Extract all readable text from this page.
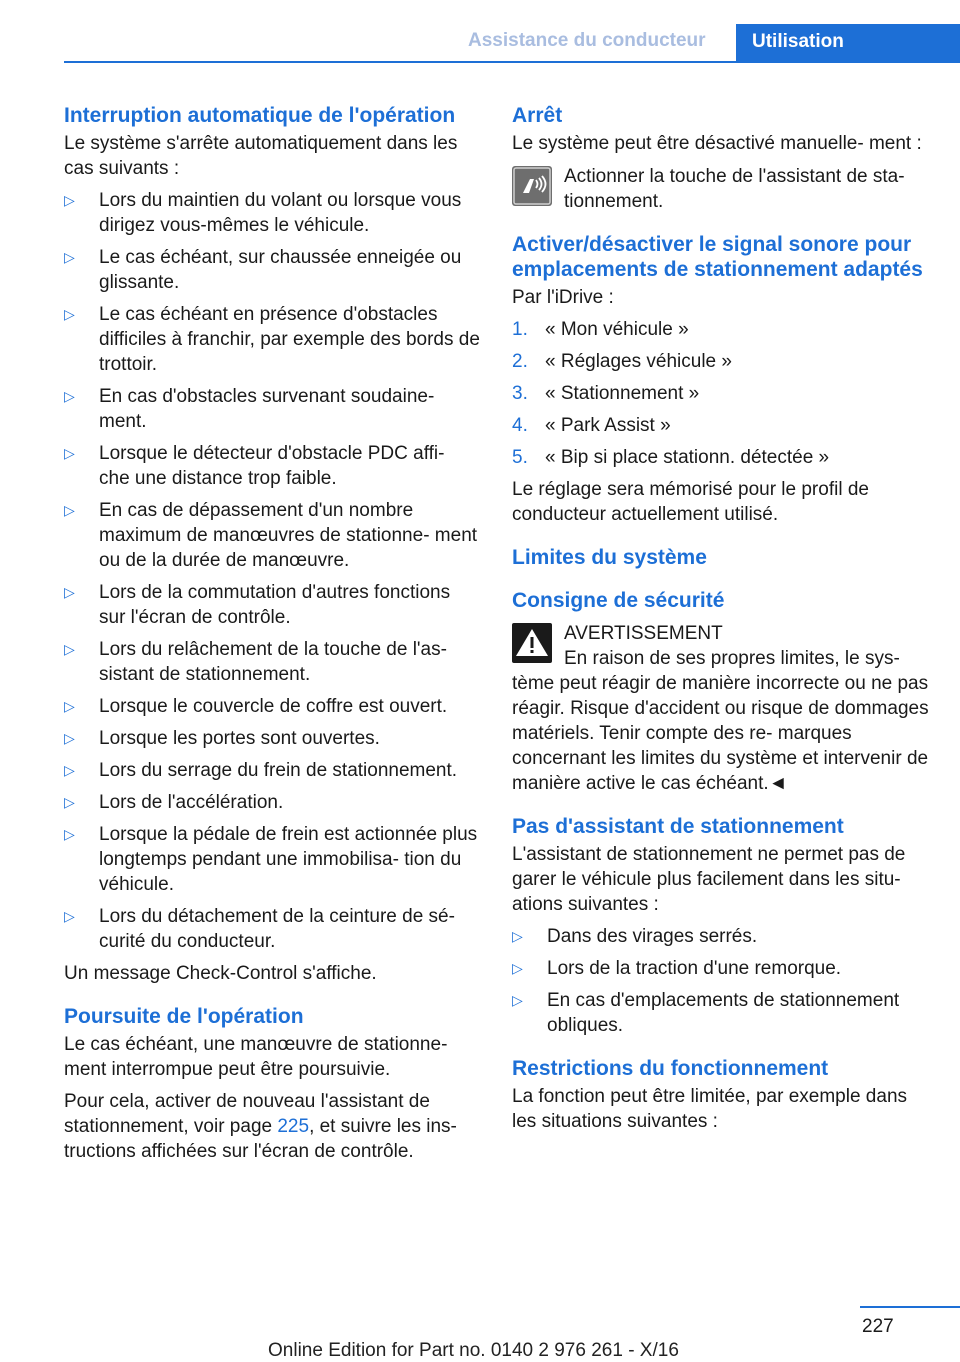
Assistance du conducteur	Utilisation
Interruption automatique de l'opération

Le système s'arrête automatiquement dans les cas suivants :

▷	Lors du maintien du volant ou lorsque vous dirigez vous-mêmes le véhicule.
▷	Le cas échéant, sur chaussée enneigée ou glissante.
▷	Le cas échéant en présence d'obstacles difficiles à franchir, par exemple des bords de trottoir.
▷	En cas d'obstacles survenant soudaine‐ ment.
▷	Lorsque le détecteur d'obstacle PDC affi‐ che une distance trop faible.
▷	En cas de dépassement d'un nombre maximum de manœuvres de stationne‐ ment ou de la durée de manœuvre.
▷	Lors de la commutation d'autres fonctions sur l'écran de contrôle.
▷	Lors du relâchement de la touche de l'as‐ sistant de stationnement.
▷	Lorsque le couvercle de coffre est ouvert.
▷	Lorsque les portes sont ouvertes.
▷	Lors du serrage du frein de stationnement.
▷	Lors de l'accélération.
▷	Lorsque la pédale de frein est actionnée plus longtemps pendant une immobilisa‐ tion du véhicule.
▷	Lors du détachement de la ceinture de sé‐ curité du conducteur.

Un message Check-Control s'affiche.

Poursuite de l'opération

Le cas échéant, une manœuvre de stationne‐ ment interrompue peut être poursuivie.

Pour cela, activer de nouveau l'assistant de stationnement, voir page 225, et suivre les ins‐ tructions affichées sur l'écran de contrôle.

Arrêt

Le système peut être désactivé manuelle‐ ment :

Actionner la touche de l'assistant de sta‐ tionnement.
Activer/désactiver le signal sonore pour emplacements de stationnement adaptés

Par l'iDrive :

1. « Mon véhicule »
2. « Réglages véhicule »
3. « Stationnement »
4. « Park Assist »
5. « Bip si place stationn. détectée »

Le réglage sera mémorisé pour le profil de conducteur actuellement utilisé.

Limites du système
Consigne de sécurité
AVERTISSEMENT
En raison de ses propres limites, le sys‐
tème peut réagir de manière incorrecte ou ne pas réagir. Risque d'accident ou risque de dommages matériels. Tenir compte des re‐ marques concernant les limites du système et intervenir de manière active le cas échéant.◄
Pas d'assistant de stationnement

L'assistant de stationnement ne permet pas de garer le véhicule plus facilement dans les situ‐ ations suivantes :

▷	Dans des virages serrés.
▷	Lors de la traction d'une remorque.
▷	En cas d'emplacements de stationnement obliques.
Restrictions du fonctionnement

La fonction peut être limitée, par exemple dans les situations suivantes :

227
Online Edition for Part no. 0140 2 976 261 - X/16
